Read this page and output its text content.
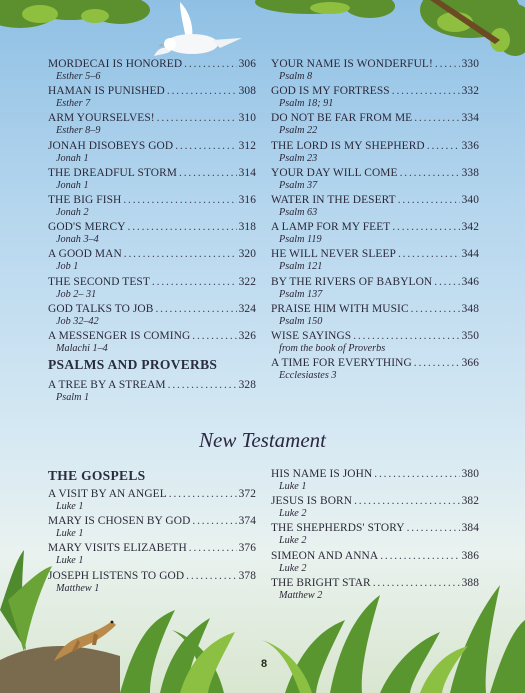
MORDECAI IS HONORED . . .	306
Esther 5–6
HAMAN IS PUNISHED . . .	308
Esther 7
ARM YOURSELVES! . . .	310
Esther 8–9
JONAH DISOBEYS GOD . . .	312
Jonah 1
THE DREADFUL STORM . . .	314
Jonah 1
THE BIG FISH . . .	316
Jonah 2
GOD'S MERCY . . .	318
Jonah 3–4
A GOOD MAN . . .	320
Job 1
THE SECOND TEST . . .	322
Job 2– 31
GOD TALKS TO JOB . . .	324
Job 32–42
A MESSENGER IS COMING . . .	326
Malachi 1–4
PSALMS AND PROVERBS
A TREE BY A STREAM . . .	328
Psalm 1
YOUR NAME IS WONDERFUL! . . .	330
Psalm 8
GOD IS MY FORTRESS . . .	332
Psalm 18; 91
DO NOT BE FAR FROM ME . . .	334
Psalm 22
THE LORD IS MY SHEPHERD . . .	336
Psalm 23
YOUR DAY WILL COME . . .	338
Psalm 37
WATER IN THE DESERT . . .	340
Psalm 63
A LAMP FOR MY FEET . . .	342
Psalm 119
HE WILL NEVER SLEEP . . .	344
Psalm 121
BY THE RIVERS OF BABYLON . . .	346
Psalm 137
PRAISE HIM WITH MUSIC . . .	348
Psalm 150
WISE SAYINGS . . .	350
from the book of Proverbs
A TIME FOR EVERYTHING . . .	366
Ecclesiastes 3
New Testament
THE GOSPELS
A VISIT BY AN ANGEL . . .	372
Luke 1
MARY IS CHOSEN BY GOD . . .	374
Luke 1
MARY VISITS ELIZABETH . . .	376
Luke 1
JOSEPH LISTENS TO GOD . . .	378
Matthew 1
HIS NAME IS JOHN . . .	380
Luke 1
JESUS IS BORN . . .	382
Luke 2
THE SHEPHERDS' STORY . . .	384
Luke 2
SIMEON AND ANNA . . .	386
Luke 2
THE BRIGHT STAR . . .	388
Matthew 2
8
